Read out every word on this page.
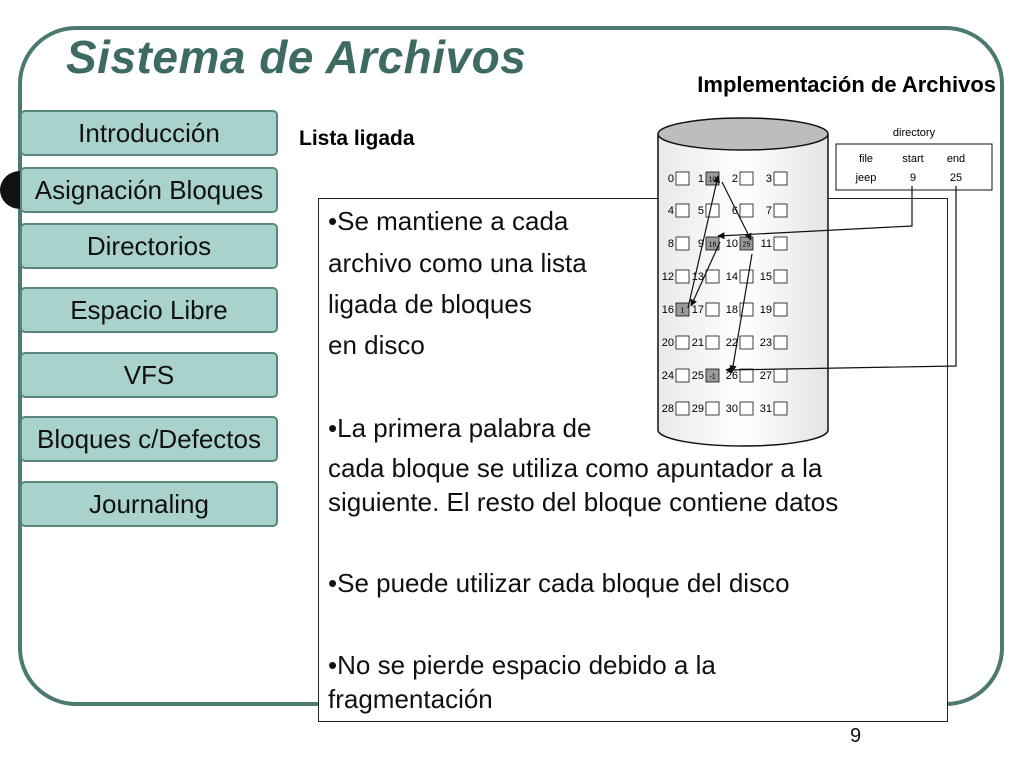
Sistema de Archivos
Implementación de Archivos
Introducción
Asignación Bloques
Directorios
Espacio Libre
VFS
Bloques c/Defectos
Journaling
Lista ligada
•Se mantiene a cada
archivo como una lista
ligada de bloques
en disco
•La primera palabra de
cada bloque se utiliza como apuntador a la
siguiente. El resto del bloque contiene datos
•Se puede utilizar cada bloque del disco
•No se pierde espacio debido a la
fragmentación
0 1 10 2	3
4 5	6	7
8 9 16 10 25 11
12 13 14 15
16 1 17 18 19
20 21 22 23
24 25 -1 26 27
28 29 30 31
directory
file	start end
jeep	9	25
9
